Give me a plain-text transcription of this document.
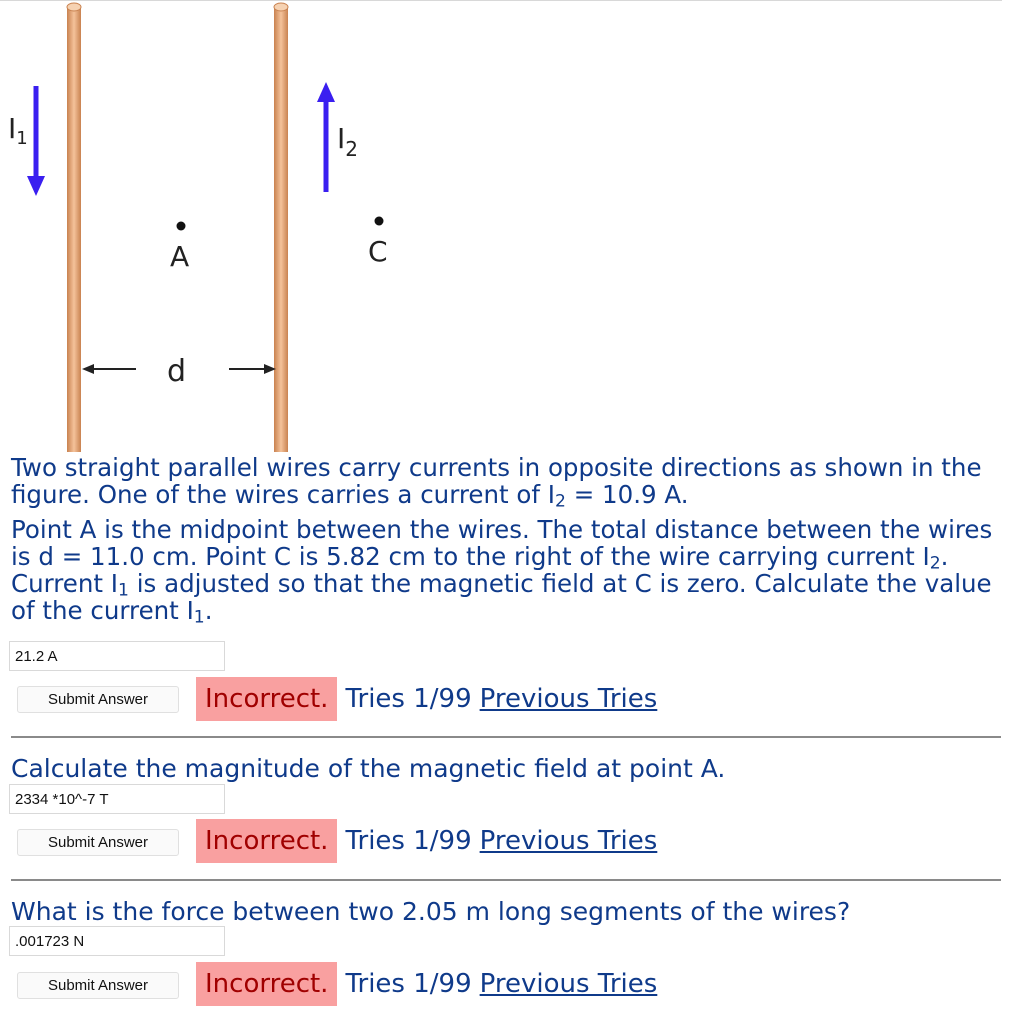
$I_1$	$I_2$
A	C
d

Two straight parallel wires carry currents in opposite directions as shown in the figure. One of the wires carries a current of $I_2 = 10.9$ A.
Point A is the midpoint between the wires. The total distance between the wires is d = 11.0 cm. Point C is 5.82 cm to the right of the wire carrying current $I_2$. Current $I_1$ is adjusted so that the magnetic field at C is zero. Calculate the value of the current $I_1$.

21.2 A
Submit Answer	Incorrect. Tries 1/99 Previous Tries

Calculate the magnitude of the magnetic field at point A.

2334 *10^-7 T
Submit Answer	Incorrect. Tries 1/99 Previous Tries

What is the force between two 2.05 m long segments of the wires?

.001723 N
Submit Answer	Incorrect. Tries 1/99 Previous Tries
